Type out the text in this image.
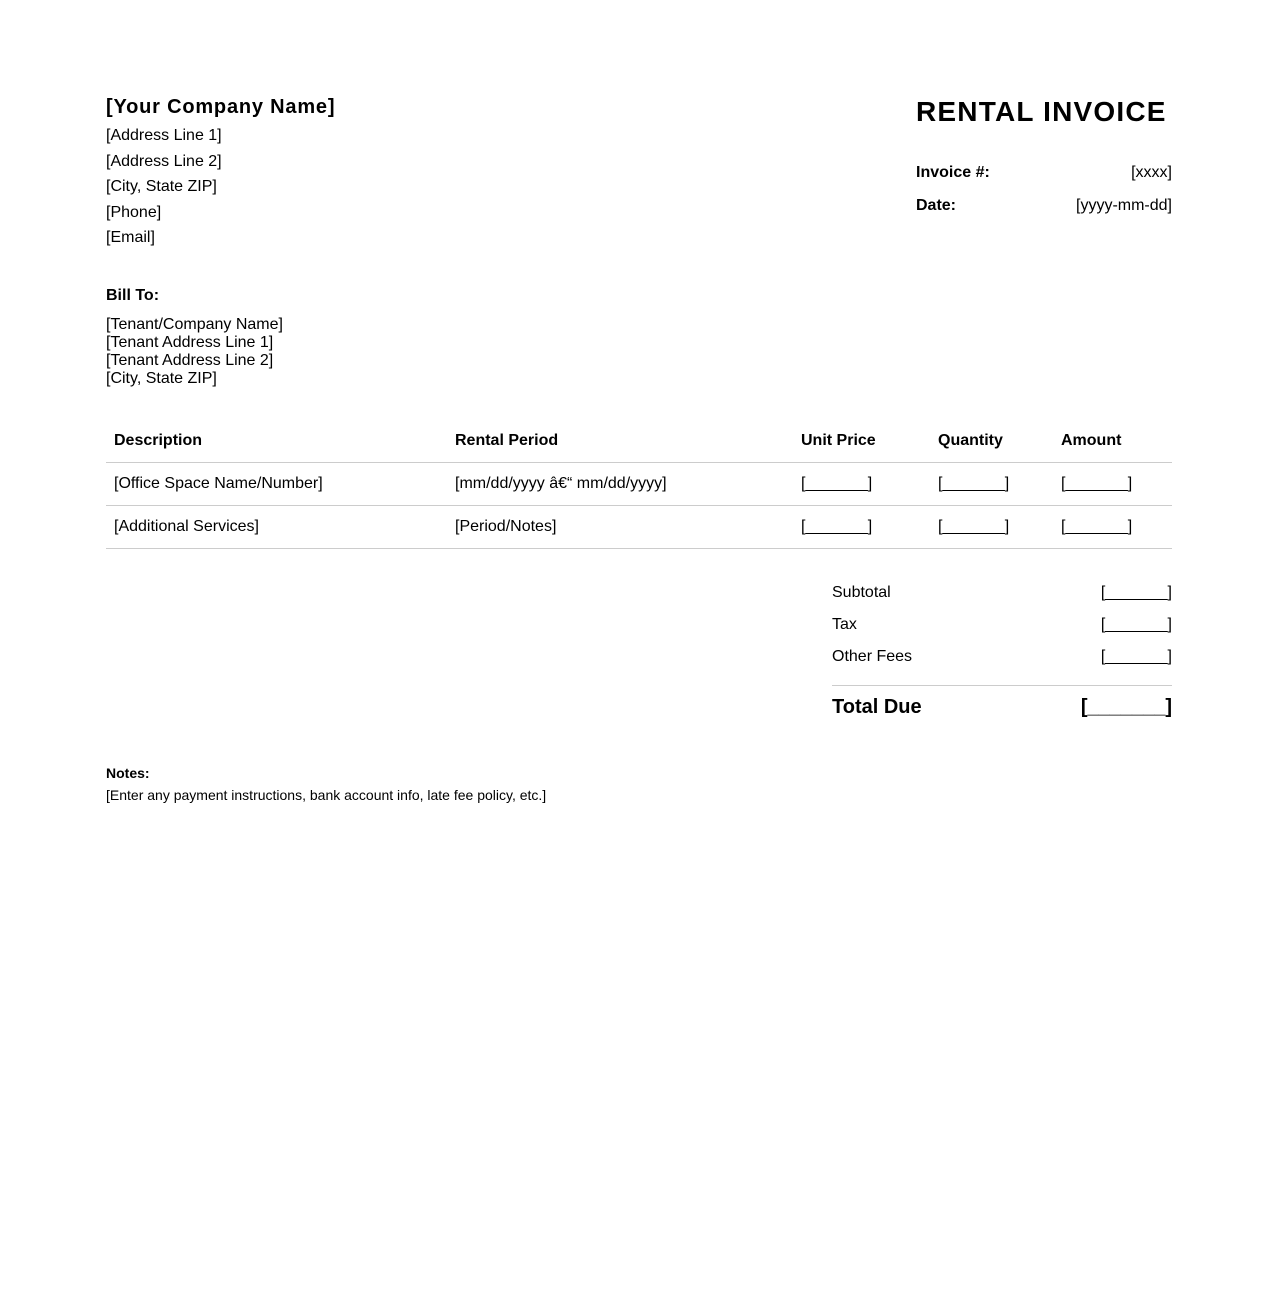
[Your Company Name]
[Address Line 1]
[Address Line 2]
[City, State ZIP]
[Phone]
[Email]
RENTAL INVOICE
Invoice #:	[xxxx]
Date:	[yyyy-mm-dd]
Bill To:
[Tenant/Company Name]
[Tenant Address Line 1]
[Tenant Address Line 2]
[City, State ZIP]
Description	Rental Period	Unit Price	Quantity	Amount
[Office Space Name/Number]	[mm/dd/yyyy â€“ mm/dd/yyyy]	[_______]	[_______]	[_______]
[Additional Services]	[Period/Notes]	[_______]	[_______]	[_______]
Subtotal	[_______]
Tax	[_______]
Other Fees	[_______]
Total Due	[_______]
Notes:
[Enter any payment instructions, bank account info, late fee policy, etc.]
